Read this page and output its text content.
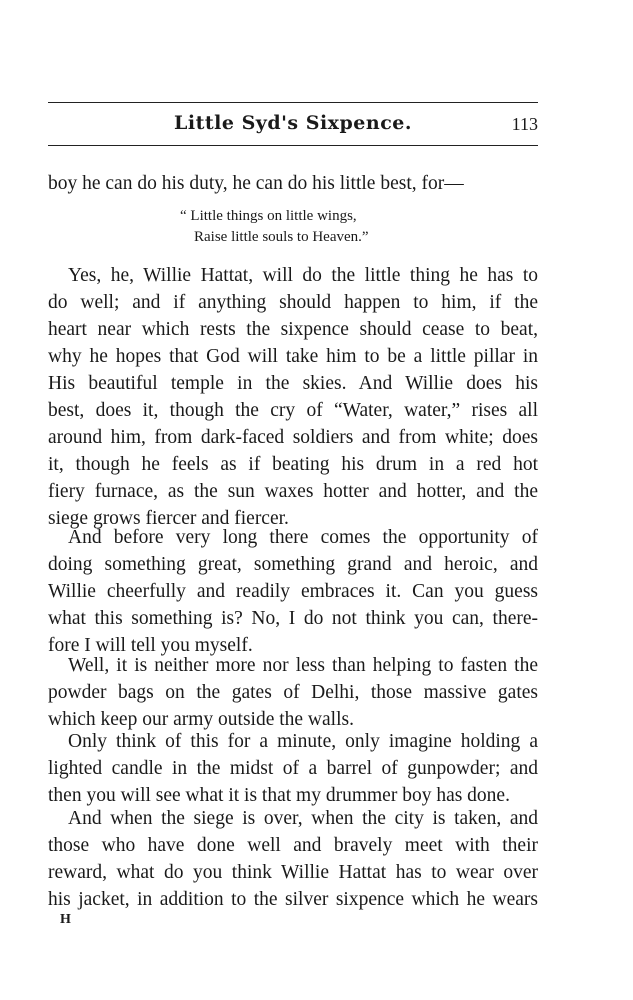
Little Syd's Sixpence.	113
boy he can do his duty, he can do his little best, for—
“ Little things on little wings,
Raise little souls to Heaven.”
Yes, he, Willie Hattat, will do the little thing he has to
do well; and if anything should happen to him, if the
heart near which rests the sixpence should cease to beat,
why he hopes that God will take him to be a little pillar in
His beautiful temple in the skies. And Willie does his
best, does it, though the cry of “Water, water,” rises all
around him, from dark-faced soldiers and from white; does
it, though he feels as if beating his drum in a red hot
fiery furnace, as the sun waxes hotter and hotter, and the
siege grows fiercer and fiercer.
And before very long there comes the opportunity of
doing something great, something grand and heroic, and
Willie cheerfully and readily embraces it. Can you guess
what this something is? No, I do not think you can, there-
fore I will tell you myself.
Well, it is neither more nor less than helping to fasten the
powder bags on the gates of Delhi, those massive gates
which keep our army outside the walls.
Only think of this for a minute, only imagine holding a
lighted candle in the midst of a barrel of gunpowder; and
then you will see what it is that my drummer boy has done.
And when the siege is over, when the city is taken, and
those who have done well and bravely meet with their
reward, what do you think Willie Hattat has to wear over
his jacket, in addition to the silver sixpence which he wears
H
